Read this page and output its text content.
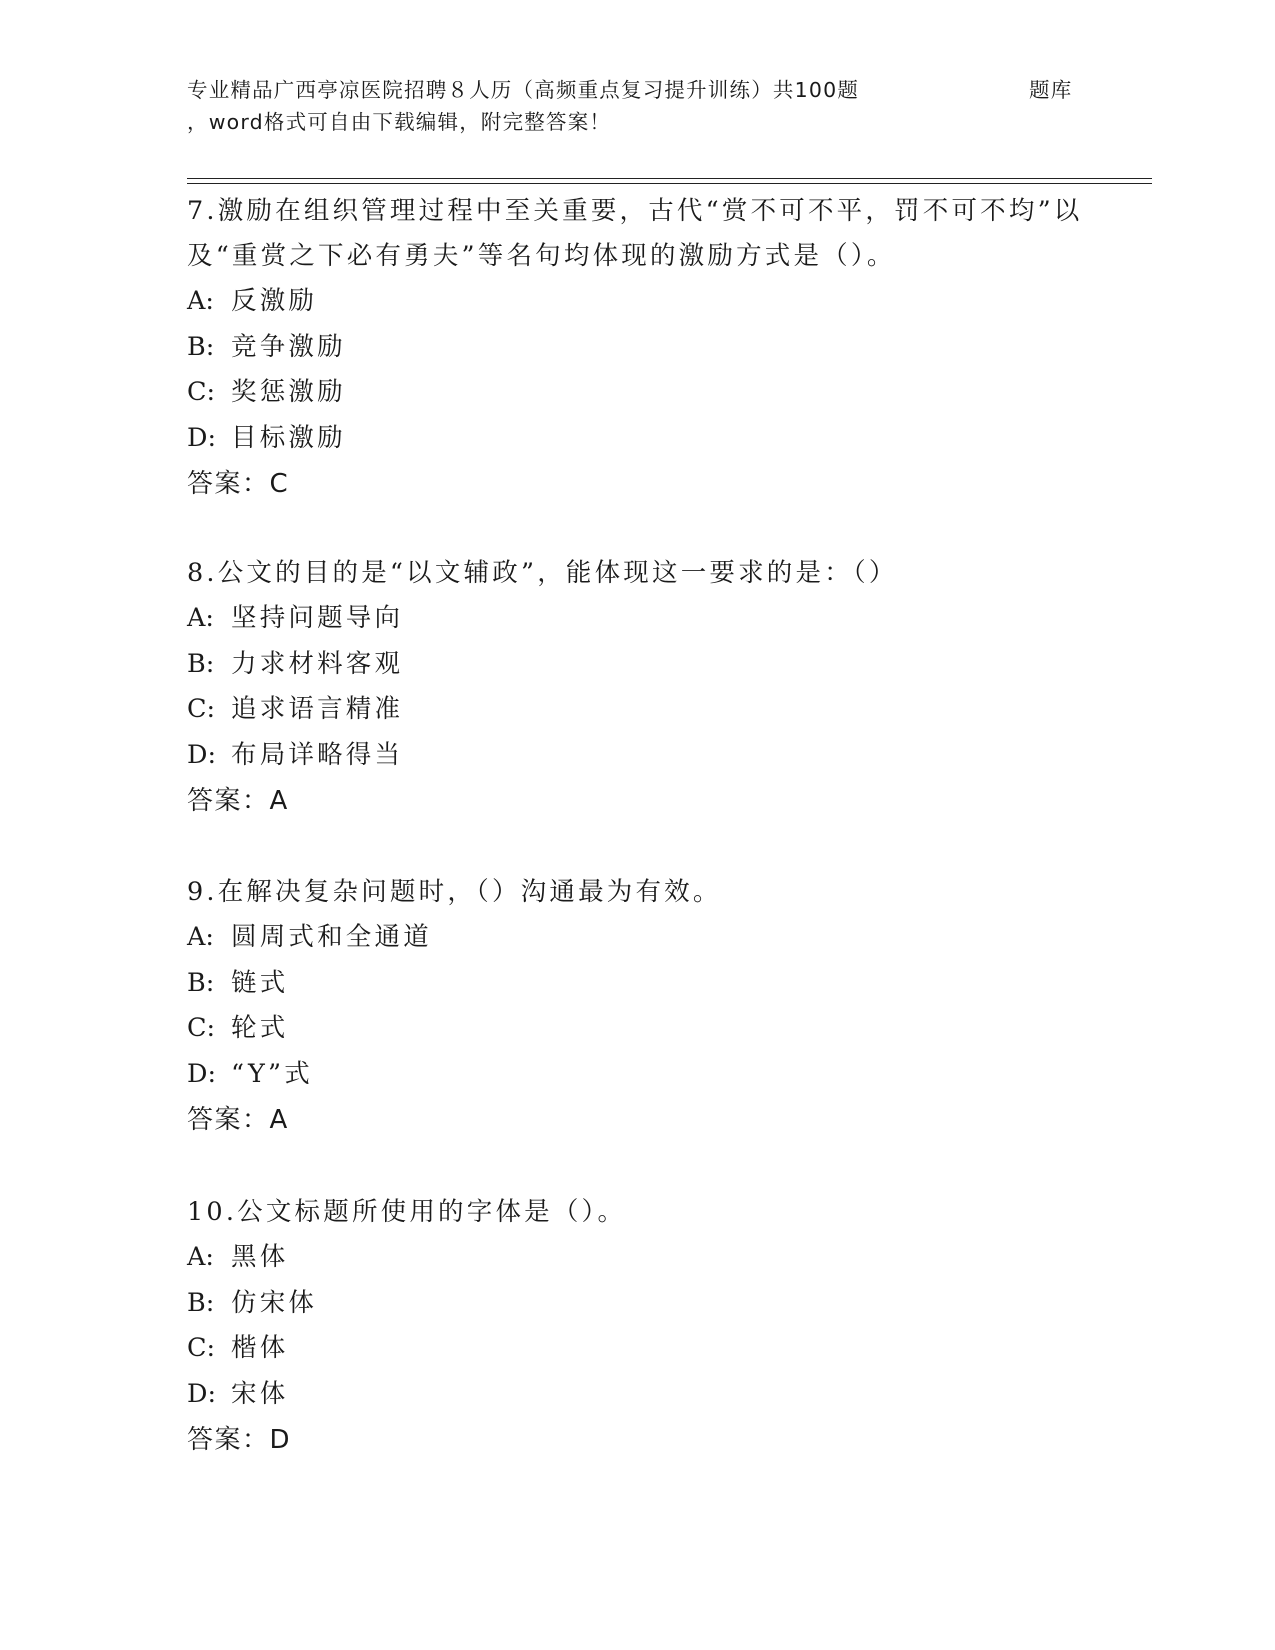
专业精品广西亭凉医院招聘８人历（高频重点复习提升训练）共100题	题库
，word格式可自由下载编辑，附完整答案！

7.激励在组织管理过程中至关重要，古代“赏不可不平，罚不可不均”以及“重赏之下必有勇夫”等名句均体现的激励方式是（）。

A: 反激励
B: 竞争激励
C: 奖惩激励
D: 目标激励
答案：C

8.公文的目的是“以文辅政”，能体现这一要求的是：（）

A: 坚持问题导向
B: 力求材料客观
C: 追求语言精准
D: 布局详略得当
答案：A

9.在解决复杂问题时，（）沟通最为有效。

A: 圆周式和全通道
B: 链式
C: 轮式
D: “Y”式
答案：A

10.公文标题所使用的字体是（）。

A: 黑体
B: 仿宋体
C: 楷体
D: 宋体
答案：D
